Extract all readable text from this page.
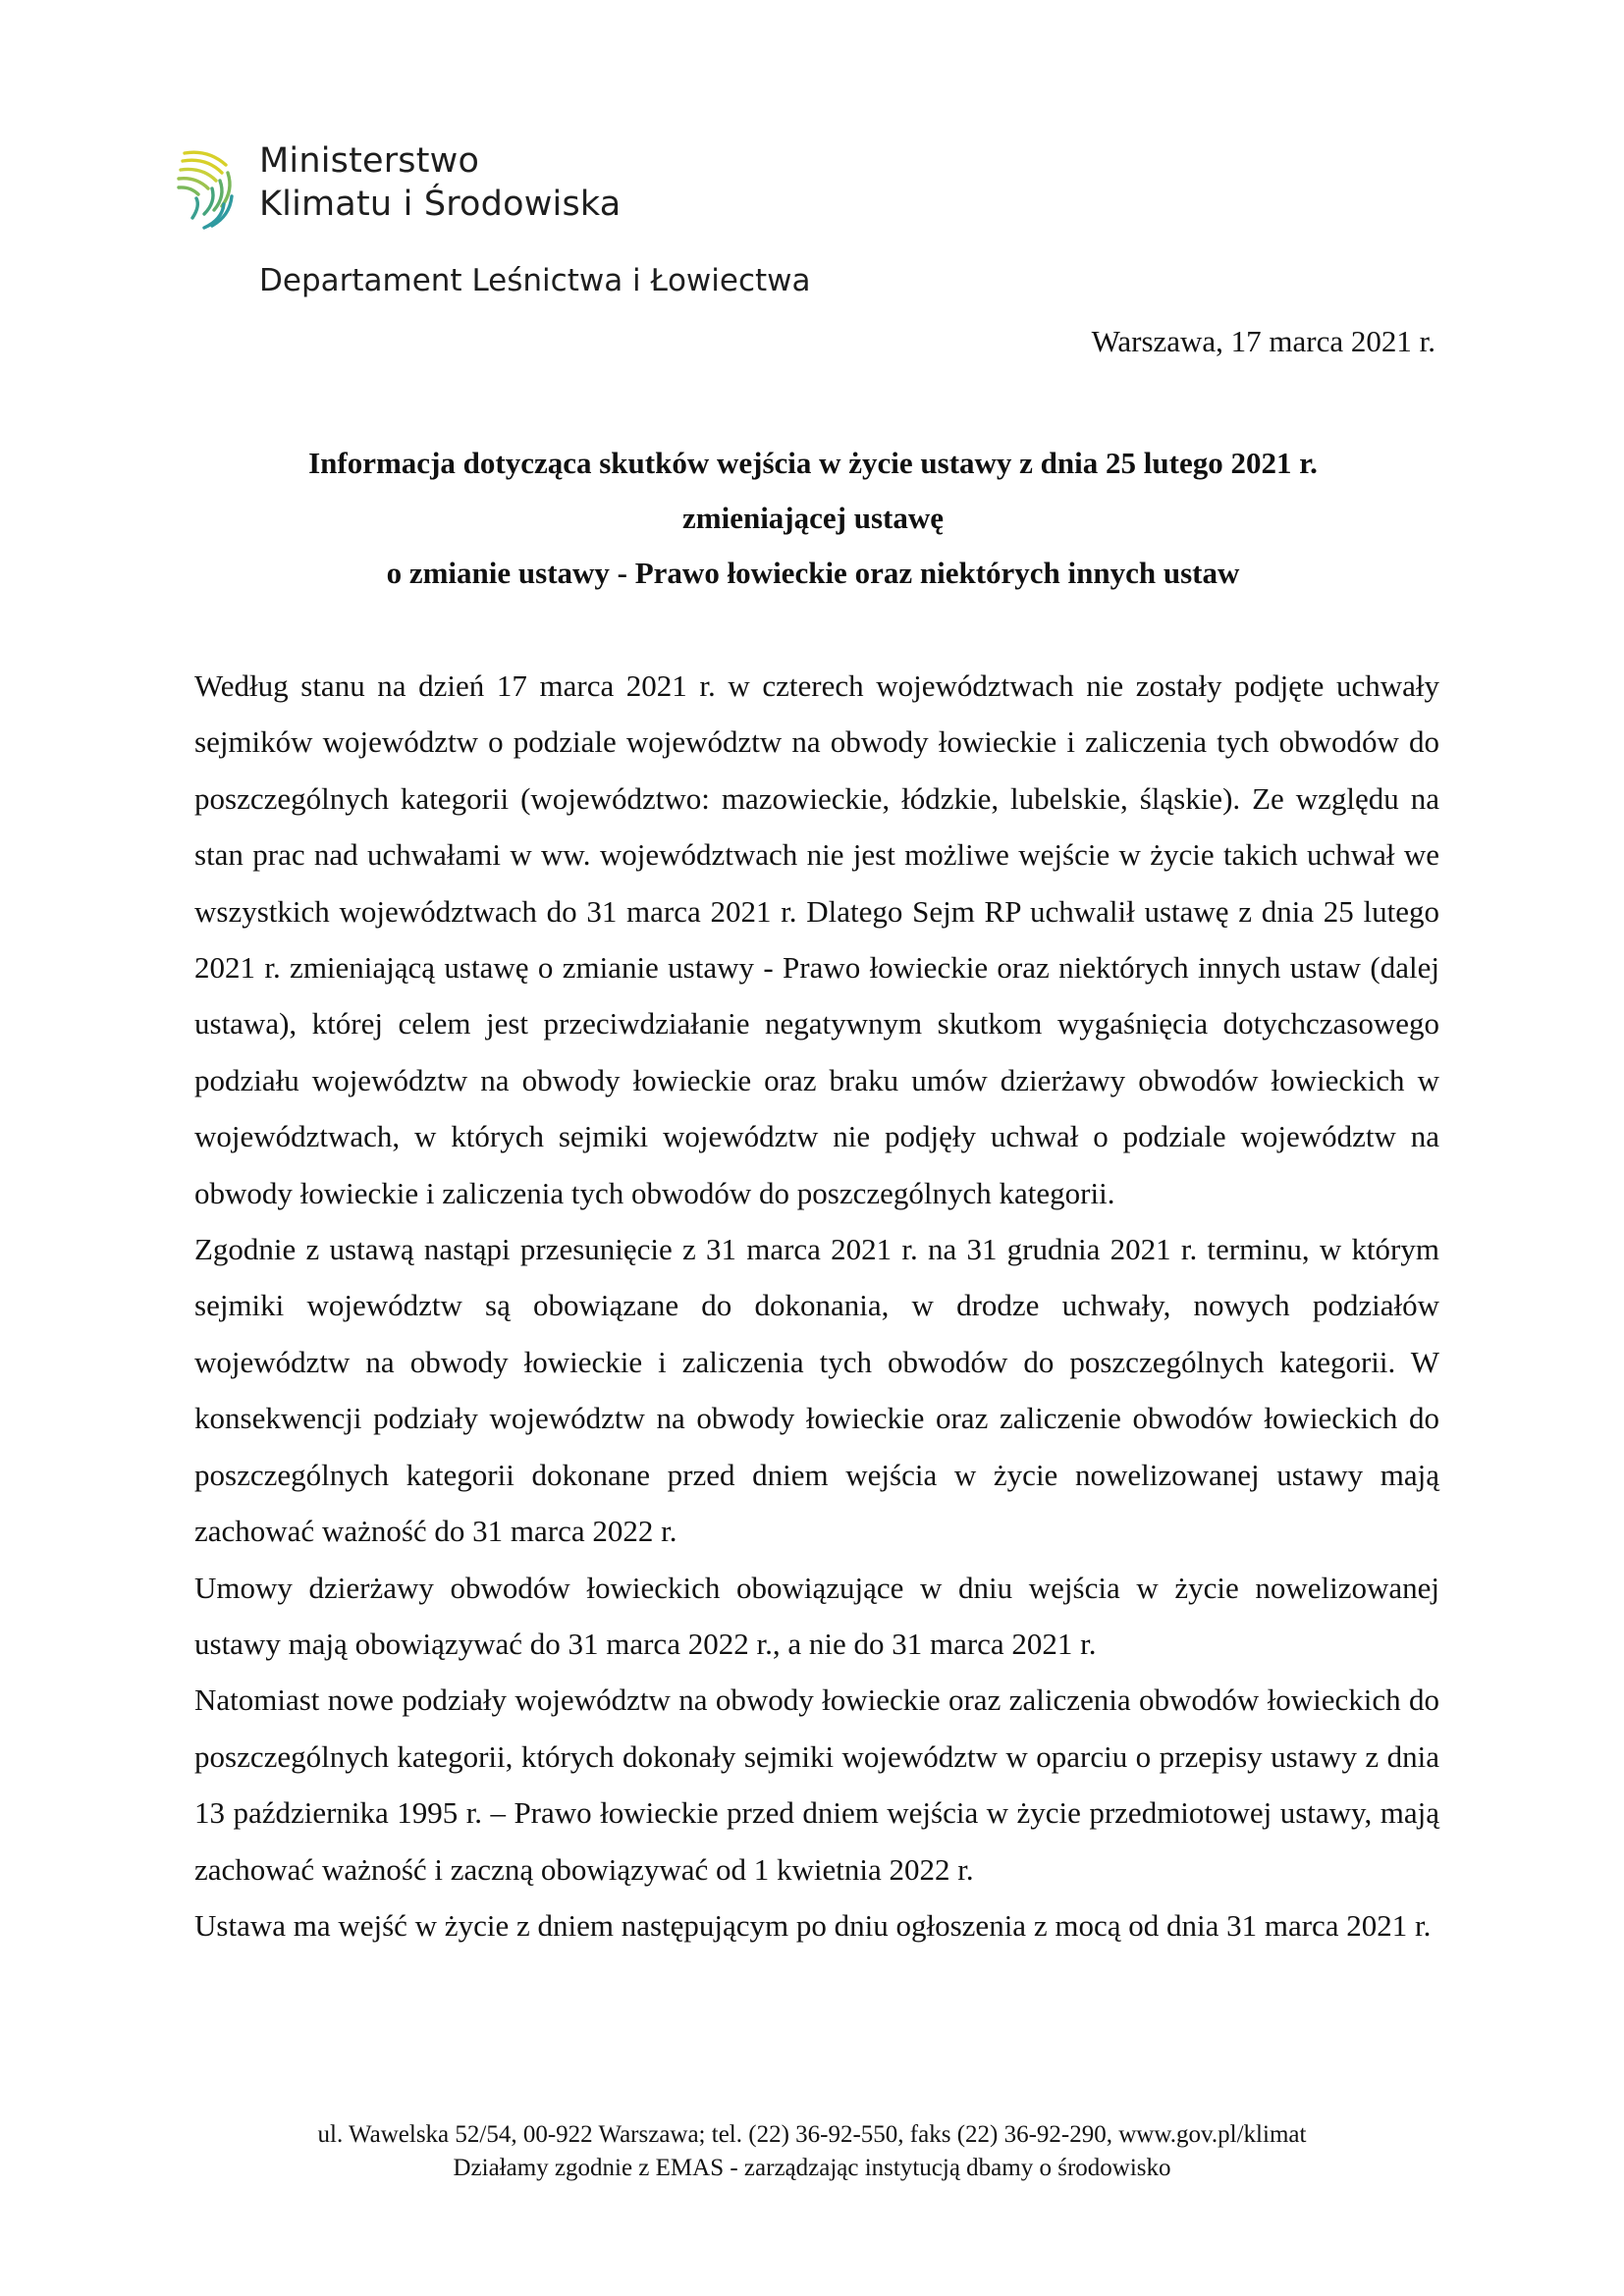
Ministerstwo
Klimatu i Środowiska
Departament Leśnictwa i Łowiectwa
Warszawa, 17 marca 2021 r.
Informacja dotycząca skutków wejścia w życie ustawy z dnia 25 lutego 2021 r.
zmieniającej ustawę
o zmianie ustawy - Prawo łowieckie oraz niektórych innych ustaw

Według stanu na dzień 17 marca 2021 r. w czterech województwach nie zostały podjęte uchwały sejmików województw o podziale województw na obwody łowieckie i zaliczenia tych obwodów do poszczególnych kategorii (województwo: mazowieckie, łódzkie, lubelskie, śląskie). Ze względu na stan prac nad uchwałami w ww. województwach nie jest możliwe wejście w życie takich uchwał we wszystkich województwach do 31 marca 2021 r. Dlatego Sejm RP uchwalił ustawę z dnia 25 lutego 2021 r. zmieniającą ustawę o zmianie ustawy - Prawo łowieckie oraz niektórych innych ustaw (dalej ustawa), której celem jest przeciwdziałanie negatywnym skutkom wygaśnięcia dotychczasowego podziału województw na obwody łowieckie oraz braku umów dzierżawy obwodów łowieckich w województwach, w których sejmiki województw nie podjęły uchwał o podziale województw na obwody łowieckie i zaliczenia tych obwodów do poszczególnych kategorii.

Zgodnie z ustawą nastąpi przesunięcie z 31 marca 2021 r. na 31 grudnia 2021 r. terminu, w którym sejmiki województw są obowiązane do dokonania, w drodze uchwały, nowych podziałów województw na obwody łowieckie i zaliczenia tych obwodów do poszczególnych kategorii. W konsekwencji podziały województw na obwody łowieckie oraz zaliczenie obwodów łowieckich do poszczególnych kategorii dokonane przed dniem wejścia w życie nowelizowanej ustawy mają zachować ważność do 31 marca 2022 r.

Umowy dzierżawy obwodów łowieckich obowiązujące w dniu wejścia w życie nowelizowanej ustawy mają obowiązywać do 31 marca 2022 r., a nie do 31 marca 2021 r.

Natomiast nowe podziały województw na obwody łowieckie oraz zaliczenia obwodów łowieckich do poszczególnych kategorii, których dokonały sejmiki województw w oparciu o przepisy ustawy z dnia 13 października 1995 r. – Prawo łowieckie przed dniem wejścia w życie przedmiotowej ustawy, mają zachować ważność i zaczną obowiązywać od 1 kwietnia 2022 r.

Ustawa ma wejść w życie z dniem następującym po dniu ogłoszenia z mocą od dnia 31 marca 2021 r.

ul. Wawelska 52/54, 00-922 Warszawa; tel. (22) 36-92-550, faks (22) 36-92-290, www.gov.pl/klimat
Działamy zgodnie z EMAS - zarządzając instytucją dbamy o środowisko
